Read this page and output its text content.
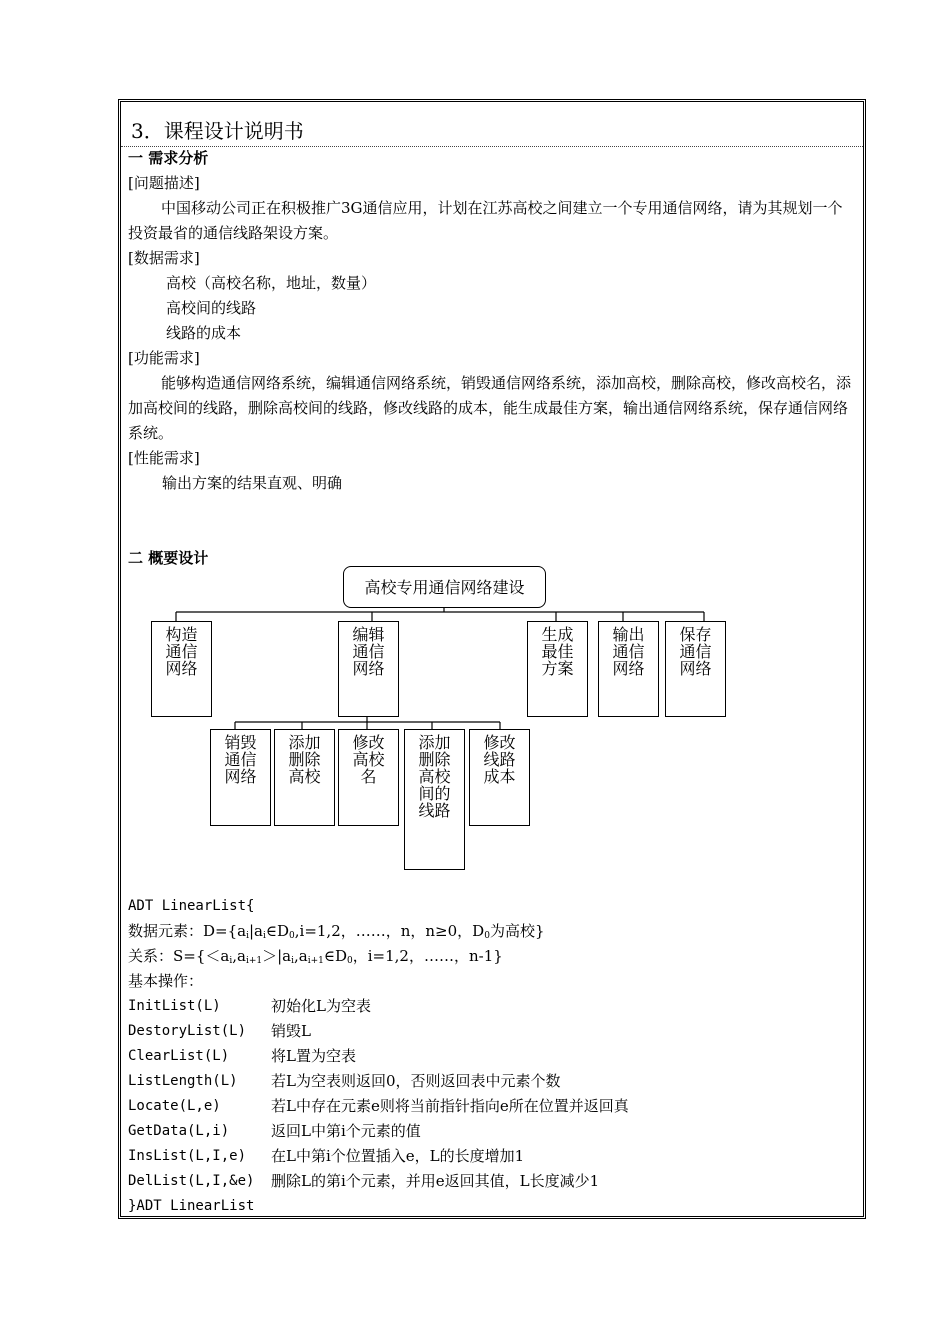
3．课程设计说明书
一 需求分析
[问题描述]
中国移动公司正在积极推广3G通信应用，计划在江苏高校之间建立一个专用通信网络，请为其规划一个投资最省的通信线路架设方案。
[数据需求]
高校（高校名称，地址，数量）
高校间的线路
线路的成本
[功能需求]
能够构造通信网络系统，编辑通信网络系统，销毁通信网络系统，添加高校，删除高校，修改高校名，添加高校间的线路，删除高校间的线路，修改线路的成本，能生成最佳方案，输出通信网络系统，保存通信网络系统。
[性能需求]
输出方案的结果直观、明确
二 概要设计
高校专用通信网络建设
构造
通信
网络
编辑
通信
网络
生成
最佳
方案
输出
通信
网络
保存
通信
网络
销毁
通信
网络
添加
删除
高校
修改
高校
名
添加
删除
高校
间的
线路
修改
线路
成本
ADT LinearList{
数据元素：$D=\{a_i|a_i\in D_0,i=1,2$，……，n，n≥0，$D_0$为高校}
关系：$S=\{<a_i,a_{i+1}>|a_i,a_{i+1}\in D_0$，i=1,2，……，n-1}
基本操作：
InitList(L)	初始化L为空表
DestoryList(L) 销毁L
ClearList(L)	将L置为空表
ListLength(L) 若L为空表则返回0，否则返回表中元素个数
Locate(L,e)	若L中存在元素e则将当前指针指向e所在位置并返回真
GetData(L,i)	返回L中第i个元素的值
InsList(L,I,e) 在L中第i个位置插入e，L的长度增加1
DelList(L,I,&e) 删除L的第i个元素，并用e返回其值，L长度减少1
}ADT LinearList
